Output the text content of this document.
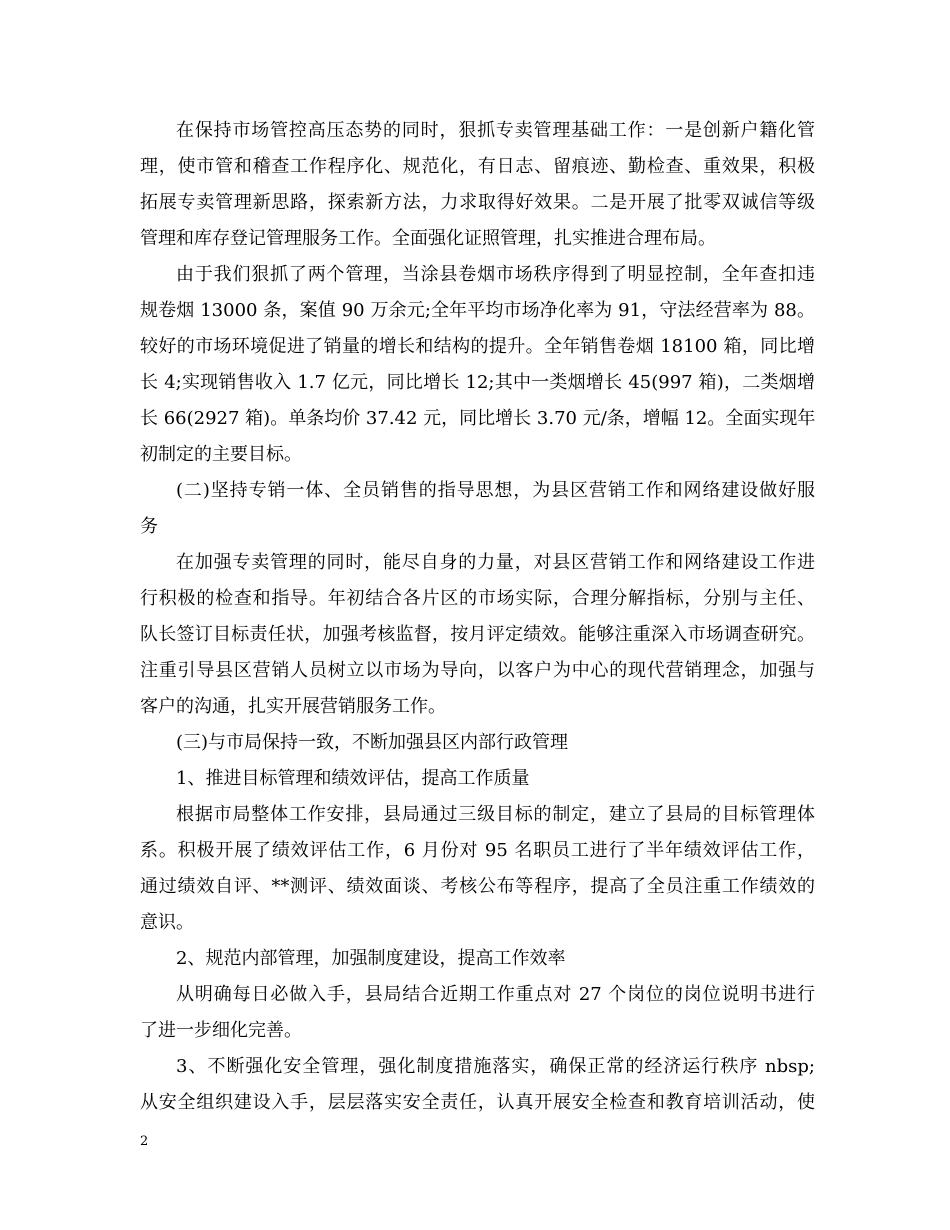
在保持市场管控高压态势的同时，狠抓专卖管理基础工作：一是创新户籍化管
理，使市管和稽查工作程序化、规范化，有日志、留痕迹、勤检查、重效果，积极
拓展专卖管理新思路，探索新方法，力求取得好效果。二是开展了批零双诚信等级
管理和库存登记管理服务工作。全面强化证照管理，扎实推进合理布局。
由于我们狠抓了两个管理，当涂县卷烟市场秩序得到了明显控制，全年查扣违
规卷烟 13000 条，案值 90 万余元;全年平均市场净化率为 91，守法经营率为 88。
较好的市场环境促进了销量的增长和结构的提升。全年销售卷烟 18100 箱，同比增
长 4;实现销售收入 1.7 亿元，同比增长 12;其中一类烟增长 45(997 箱)，二类烟增
长 66(2927 箱)。单条均价 37.42 元，同比增长 3.70 元/条，增幅 12。全面实现年
初制定的主要目标。
(二)坚持专销一体、全员销售的指导思想，为县区营销工作和网络建设做好服
务
在加强专卖管理的同时，能尽自身的力量，对县区营销工作和网络建设工作进
行积极的检查和指导。年初结合各片区的市场实际，合理分解指标，分别与主任、
队长签订目标责任状，加强考核监督，按月评定绩效。能够注重深入市场调查研究。
注重引导县区营销人员树立以市场为导向，以客户为中心的现代营销理念，加强与
客户的沟通，扎实开展营销服务工作。
(三)与市局保持一致，不断加强县区内部行政管理
1、推进目标管理和绩效评估，提高工作质量
根据市局整体工作安排，县局通过三级目标的制定，建立了县局的目标管理体
系。积极开展了绩效评估工作，6 月份对 95 名职员工进行了半年绩效评估工作，
通过绩效自评、**测评、绩效面谈、考核公布等程序，提高了全员注重工作绩效的
意识。
2、规范内部管理，加强制度建设，提高工作效率
从明确每日必做入手，县局结合近期工作重点对 27 个岗位的岗位说明书进行
了进一步细化完善。
3、不断强化安全管理，强化制度措施落实，确保正常的经济运行秩序 nbsp;
从安全组织建设入手，层层落实安全责任，认真开展安全检查和教育培训活动，使
2
